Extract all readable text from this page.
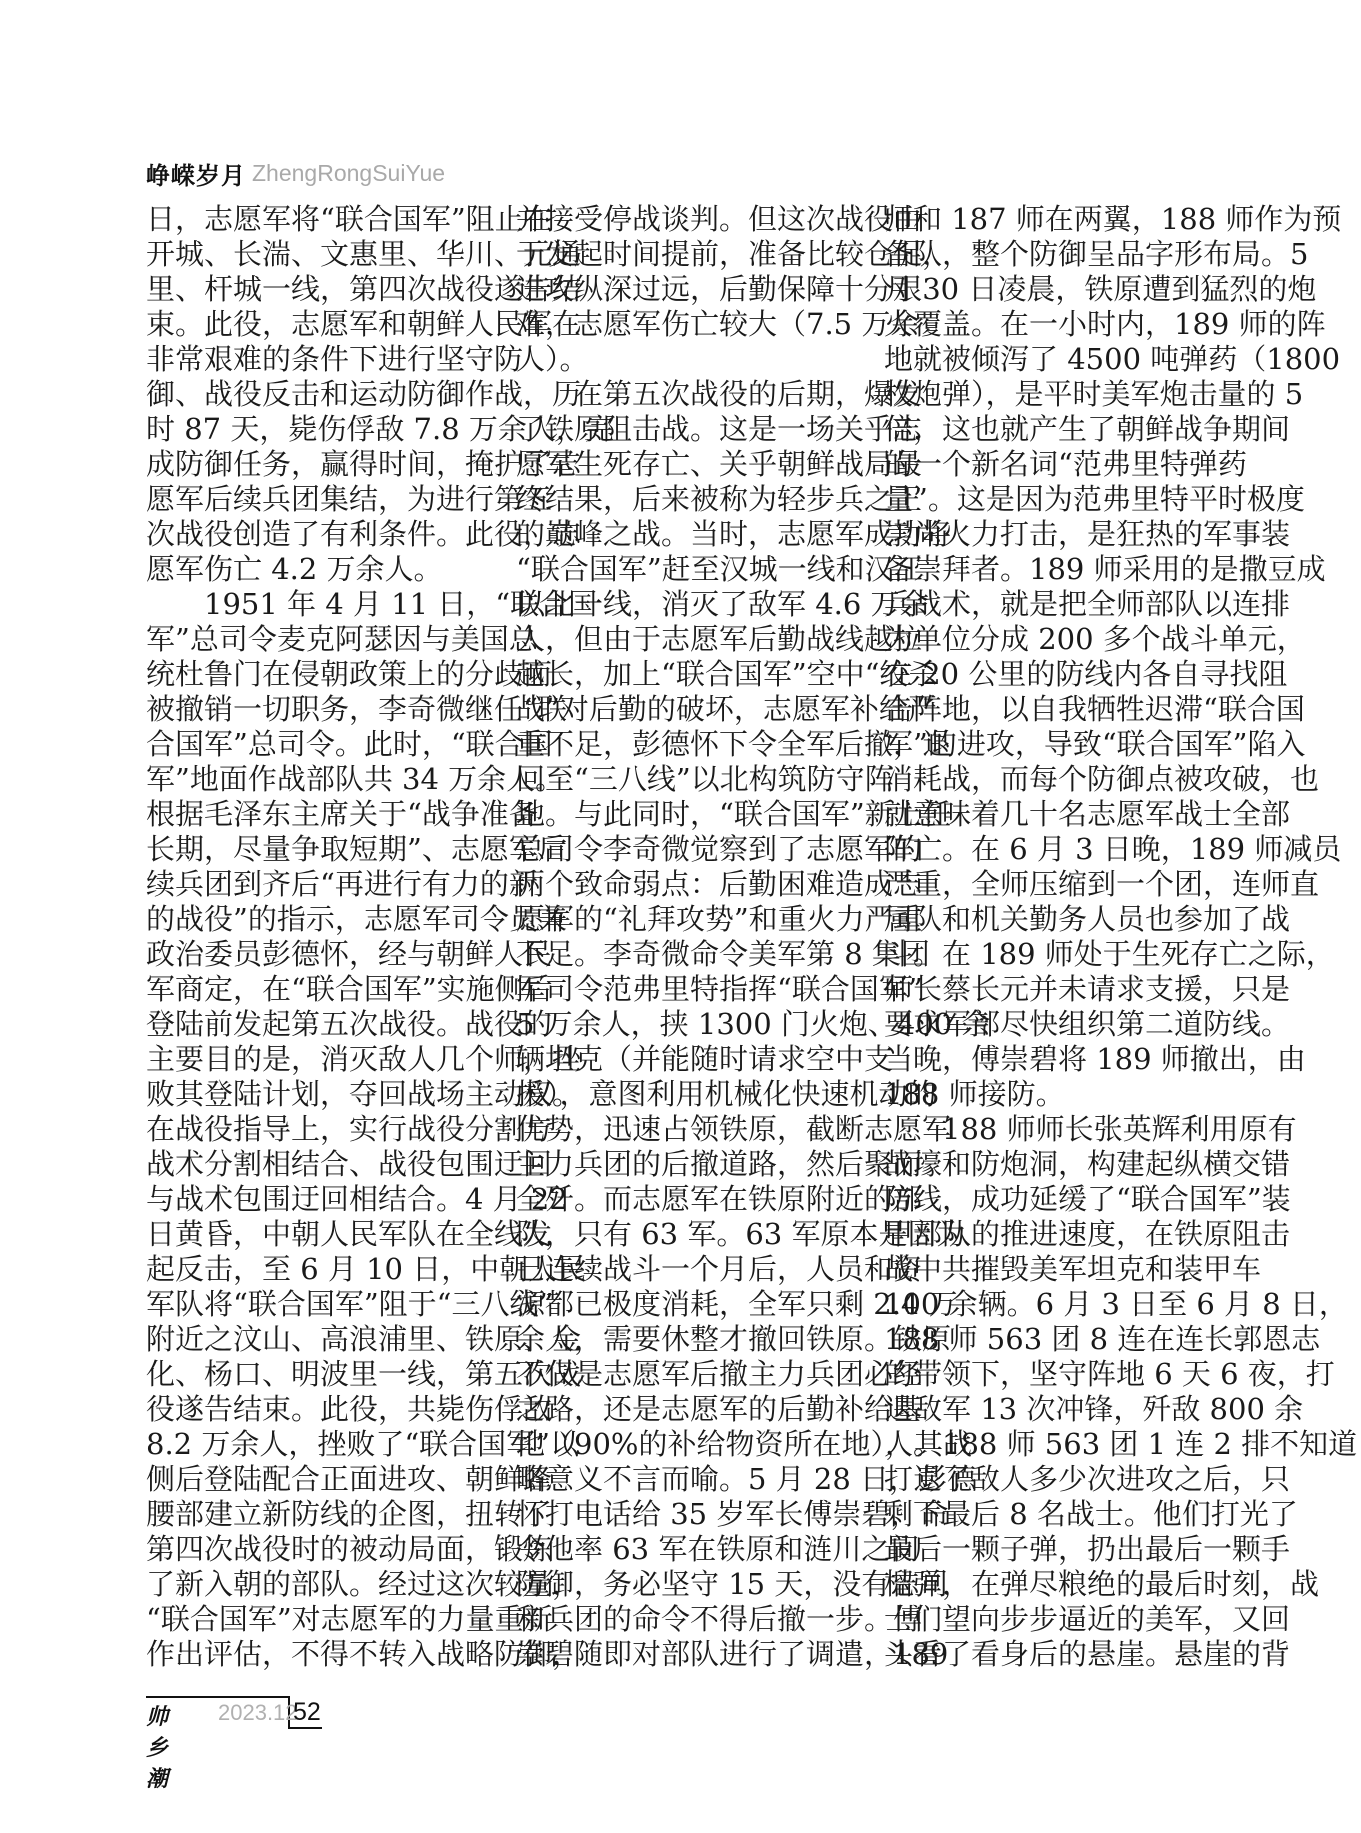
峥嵘岁月 ZhengRongSuiYue
日，志愿军将“联合国军”阻止在
开城、长湍、文惠里、华川、元通
里、杆城一线，第四次战役遂告结
束。此役，志愿军和朝鲜人民军在
非常艰难的条件下进行坚守防
御、战役反击和运动防御作战，历
时 87 天，毙伤俘敌 7.8 万余人，完
成防御任务，赢得时间，掩护了志
愿军后续兵团集结，为进行第五
次战役创造了有利条件。此役，志
愿军伤亡 4.2 万余人。
　　1951 年 4 月 11 日，“联合国
军”总司令麦克阿瑟因与美国总
统杜鲁门在侵朝政策上的分歧而
被撤销一切职务，李奇微继任“联
合国军”总司令。此时，“联合国
军”地面作战部队共 34 万余人。
根据毛泽东主席关于“战争准备
长期，尽量争取短期”、志愿军后
续兵团到齐后“再进行有力的新
的战役”的指示，志愿军司令员兼
政治委员彭德怀，经与朝鲜人民
军商定，在“联合国军”实施侧后
登陆前发起第五次战役。战役的
主要目的是，消灭敌人几个师，挫
败其登陆计划，夺回战场主动权。
在战役指导上，实行战役分割与
战术分割相结合、战役包围迂回
与战术包围迂回相结合。4 月 22
日黄昏，中朝人民军队在全线发
起反击，至 6 月 10 日，中朝人民
军队将“联合国军”阻于“三八线”
附近之汶山、高浪浦里、铁原、金
化、杨口、明波里一线，第五次战
役遂告结束。此役，共毙伤俘敌
8.2 万余人，挫败了“联合国军”以
侧后登陆配合正面进攻、朝鲜蜂
腰部建立新防线的企图，扭转了
第四次战役时的被动局面，锻炼
了新入朝的部队。经过这次较量，
“联合国军”对志愿军的力量重新
作出评估，不得不转入战略防御，
并接受停战谈判。但这次战役由
于发起时间提前，准备比较仓促，
进攻纵深过远，后勤保障十分艰
难，志愿军伤亡较大（7.5 万余
人）。
　　在第五次战役的后期，爆发
了铁原阻击战。这是一场关乎志
愿军生死存亡、关乎朝鲜战局最
终结果，后来被称为轻步兵之王
的巅峰之战。当时，志愿军成功将
“联合国军”赶至汉城一线和汉江
以北一线，消灭了敌军 4.6 万余
人，但由于志愿军后勤战线越拉
越长，加上“联合国军”空中“绞杀
战”对后勤的破坏，志愿军补给严
重不足，彭德怀下令全军后撤，退
回至“三八线”以北构筑防守阵
地。与此同时，“联合国军”新上任
总司令李奇微觉察到了志愿军的
两个致命弱点：后勤困难造成志
愿军的“礼拜攻势”和重火力严重
不足。李奇微命令美军第 8 集团
军司令范弗里特指挥“联合国军”
5 万余人，挟 1300 门火炮、400 余
辆坦克（并能随时请求空中支
援），意图利用机械化快速机动的
优势，迅速占领铁原，截断志愿军
主力兵团的后撤道路，然后聚而
全歼。而志愿军在铁原附近的部
队，只有 63 军。63 军原本是因为
已连续战斗一个月后，人员和资
源都已极度消耗，全军只剩 2.4 万
余人，需要休整才撤回铁原。铁原
不仅是志愿军后撤主力兵团必经
之路，还是志愿军的后勤补给基
地（90%的补给物资所在地），其战
略意义不言而喻。5 月 28 日，彭德
怀打电话给 35 岁军长傅崇碧，命
令他率 63 军在铁原和涟川之间
防御，务必坚守 15 天，没有志司
和兵团的命令不得后撤一步。傅
崇碧随即对部队进行了调遣，189
师和 187 师在两翼，188 师作为预
备队，整个防御呈品字形布局。5
月 30 日凌晨，铁原遭到猛烈的炮
火覆盖。在一小时内，189 师的阵
地就被倾泻了 4500 吨弹药（1800
枚炮弹），是平时美军炮击量的 5
倍，这也就产生了朝鲜战争期间
的一个新名词“范弗里特弹药
量”。这是因为范弗里特平时极度
崇尚火力打击，是狂热的军事装
备崇拜者。189 师采用的是撒豆成
兵战术，就是把全师部队以连排
为单位分成 200 多个战斗单元，
在 20 公里的防线内各自寻找阻
击阵地，以自我牺牲迟滞“联合国
军”的进攻，导致“联合国军”陷入
消耗战，而每个防御点被攻破，也
就意味着几十名志愿军战士全部
阵亡。在 6 月 3 日晚，189 师减员
严重，全师压缩到一个团，连师直
属队和机关勤务人员也参加了战
斗。在 189 师处于生死存亡之际，
师长蔡长元并未请求支援，只是
要求军部尽快组织第二道防线。
当晚，傅崇碧将 189 师撤出，由
188 师接防。
　　188 师师长张英辉利用原有
战壕和防炮洞，构建起纵横交错
防线，成功延缓了“联合国军”装
甲部队的推进速度，在铁原阻击
战中共摧毁美军坦克和装甲车
100 余辆。6 月 3 日至 6 月 8 日，
188 师 563 团 8 连在连长郭恩志
的带领下，坚守阵地 6 天 6 夜，打
退敌军 13 次冲锋，歼敌 800 余
人。188 师 563 团 1 连 2 排不知道
打退了敌人多少次进攻之后，只
剩下最后 8 名战士。他们打光了
最后一颗子弹，扔出最后一颗手
榴弹，在弹尽粮绝的最后时刻，战
士们望向步步逼近的美军，又回
头看了看身后的悬崖。悬崖的背
帅乡潮
2023.12
52
